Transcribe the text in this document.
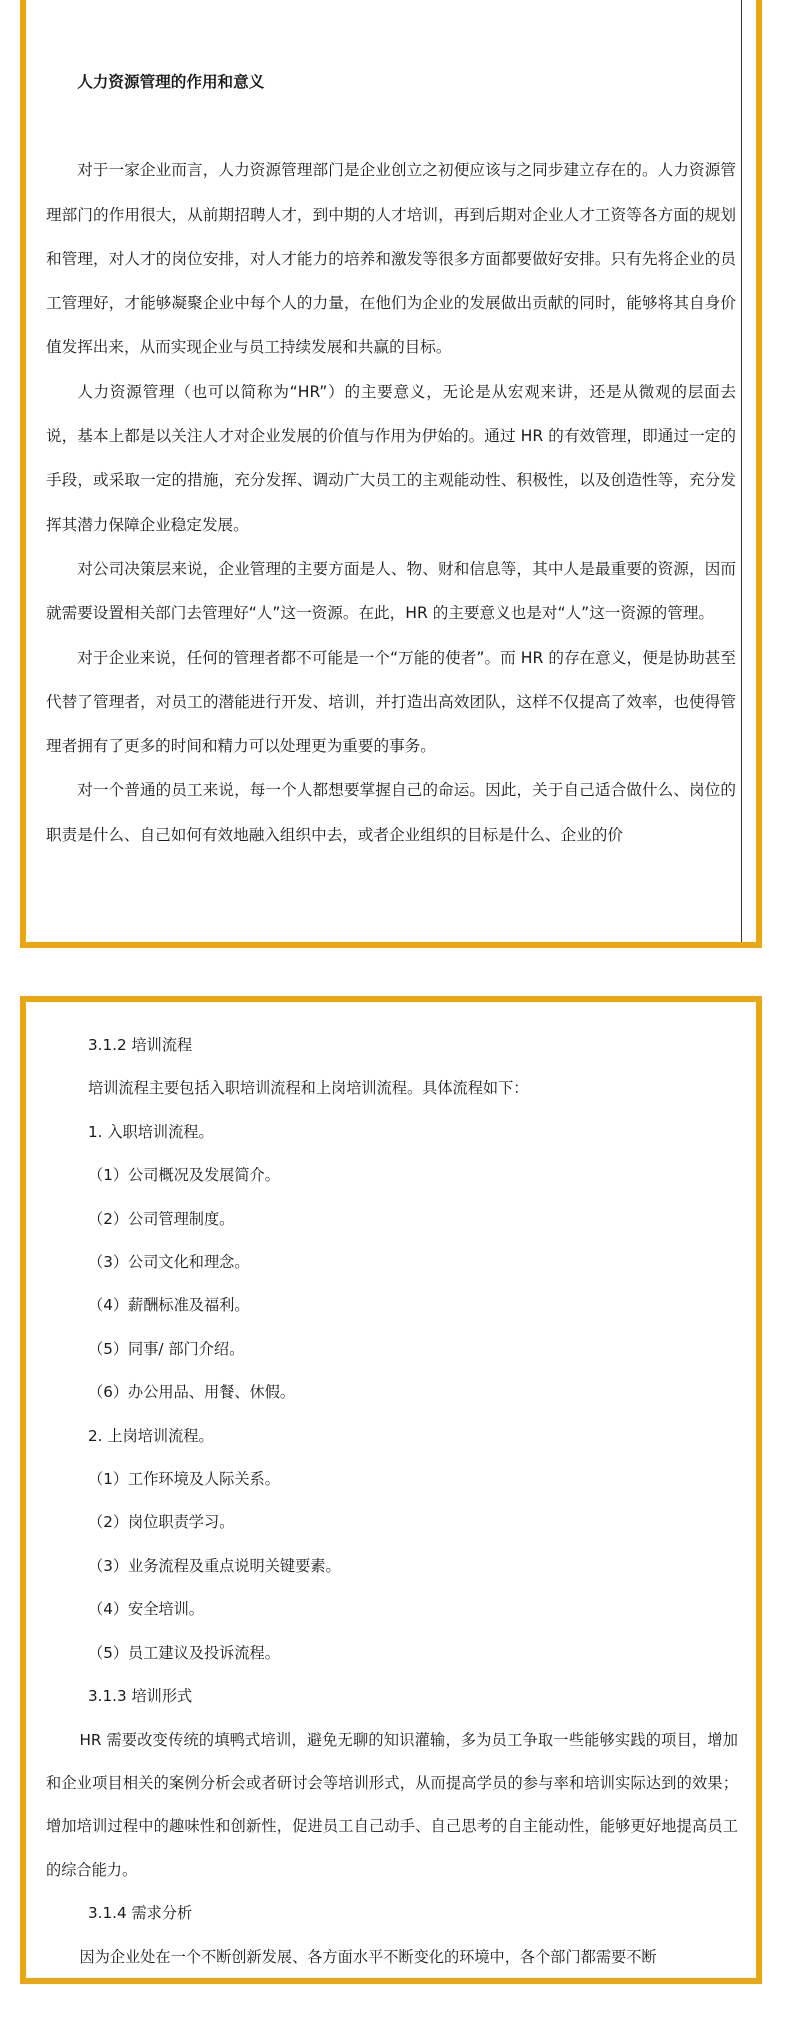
人力资源管理的作用和意义

对于一家企业而言，人力资源管理部门是企业创立之初便应该与之同步建立存在的。人力资源管理部门的作用很大，从前期招聘人才，到中期的人才培训，再到后期对企业人才工资等各方面的规划和管理，对人才的岗位安排，对人才能力的培养和激发等很多方面都要做好安排。只有先将企业的员工管理好，才能够凝聚企业中每个人的力量，在他们为企业的发展做出贡献的同时，能够将其自身价值发挥出来，从而实现企业与员工持续发展和共赢的目标。

人力资源管理（也可以简称为“HR”）的主要意义，无论是从宏观来讲，还是从微观的层面去说，基本上都是以关注人才对企业发展的价值与作用为伊始的。通过 HR 的有效管理，即通过一定的手段，或采取一定的措施，充分发挥、调动广大员工的主观能动性、积极性，以及创造性等，充分发挥其潜力保障企业稳定发展。

对公司决策层来说，企业管理的主要方面是人、物、财和信息等，其中人是最重要的资源，因而就需要设置相关部门去管理好“人”这一资源。在此，HR 的主要意义也是对“人”这一资源的管理。

对于企业来说，任何的管理者都不可能是一个“万能的使者”。而 HR 的存在意义，便是协助甚至代替了管理者，对员工的潜能进行开发、培训，并打造出高效团队，这样不仅提高了效率，也使得管理者拥有了更多的时间和精力可以处理更为重要的事务。

对一个普通的员工来说，每一个人都想要掌握自己的命运。因此，关于自己适合做什么、岗位的职责是什么、自己如何有效地融入组织中去，或者企业组织的目标是什么、企业的价

3.1.2 培训流程

培训流程主要包括入职培训流程和上岗培训流程。具体流程如下：

1. 入职培训流程。

（1）公司概况及发展简介。

（2）公司管理制度。

（3）公司文化和理念。

（4）薪酬标准及福利。

（5）同事/ 部门介绍。

（6）办公用品、用餐、休假。

2. 上岗培训流程。

（1）工作环境及人际关系。

（2）岗位职责学习。

（3）业务流程及重点说明关键要素。

（4）安全培训。

（5）员工建议及投诉流程。

3.1.3 培训形式

HR 需要改变传统的填鸭式培训，避免无聊的知识灌输，多为员工争取一些能够实践的项目，增加和企业项目相关的案例分析会或者研讨会等培训形式，从而提高学员的参与率和培训实际达到的效果；增加培训过程中的趣味性和创新性，促进员工自己动手、自己思考的自主能动性，能够更好地提高员工的综合能力。

3.1.4 需求分析

因为企业处在一个不断创新发展、各方面水平不断变化的环境中，各个部门都需要不断
